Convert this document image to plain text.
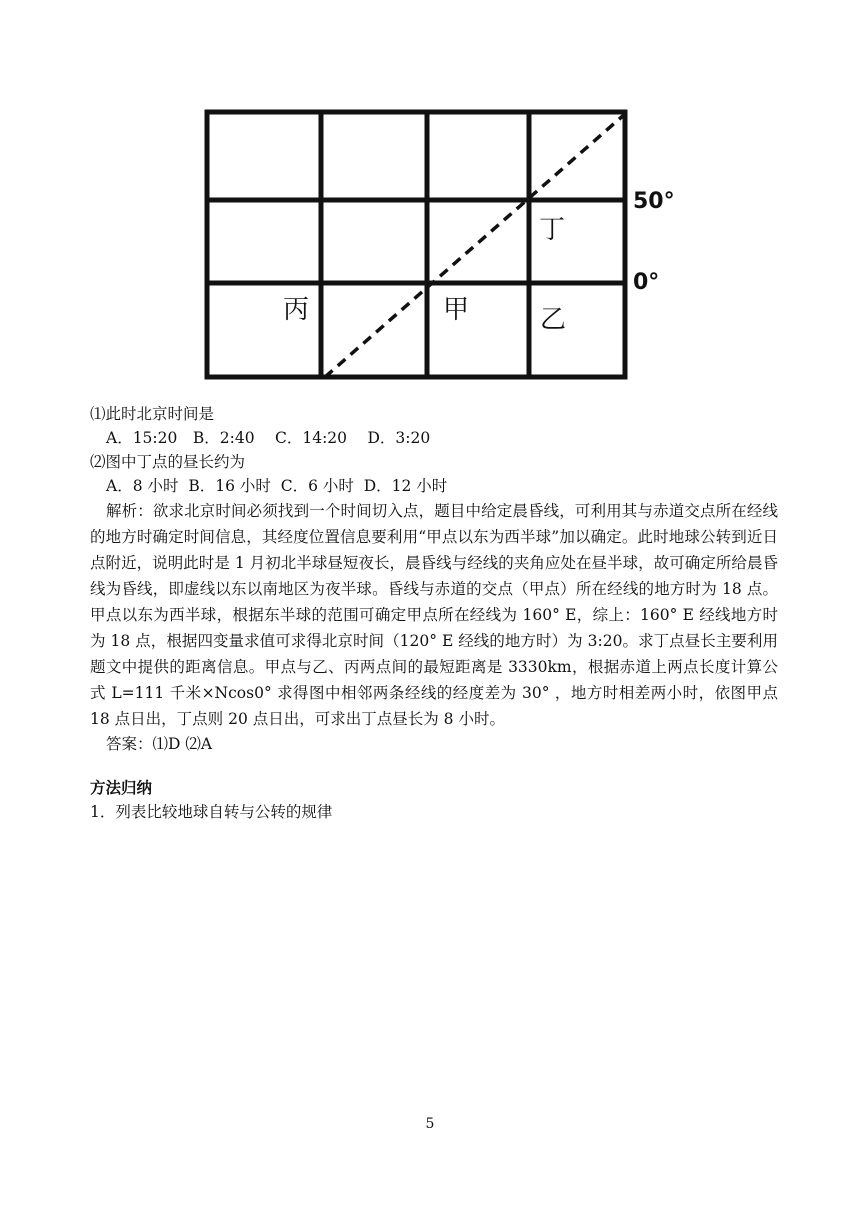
50°
0°
丙	甲	乙
丁
⑴此时北京时间是
A．15:20　B．2:40　 C．14:20　 D．3:20
⑵图中丁点的昼长约为
A．8 小时  B．16 小时  C．6 小时  D．12 小时
解析：欲求北京时间必须找到一个时间切入点，题目中给定晨昏线，可利用其与赤道交点所在经线的地方时确定时间信息，其经度位置信息要利用“甲点以东为西半球”加以确定。此时地球公转到近日点附近，说明此时是 1 月初北半球昼短夜长，晨昏线与经线的夹角应处在昼半球，故可确定所给晨昏线为昏线，即虚线以东以南地区为夜半球。昏线与赤道的交点（甲点）所在经线的地方时为 18 点。甲点以东为西半球，根据东半球的范围可确定甲点所在经线为 160° E，综上：160° E 经线地方时为 18 点，根据四变量求值可求得北京时间（120° E 经线的地方时）为 3:20。求丁点昼长主要利用题文中提供的距离信息。甲点与乙、丙两点间的最短距离是 3330km，根据赤道上两点长度计算公式 L=111 千米×Ncos0° 求得图中相邻两条经线的经度差为 30° ，地方时相差两小时，依图甲点 18 点日出，丁点则 20 点日出，可求出丁点昼长为 8 小时。
答案：⑴D ⑵A
方法归纳
1．列表比较地球自转与公转的规律
5
